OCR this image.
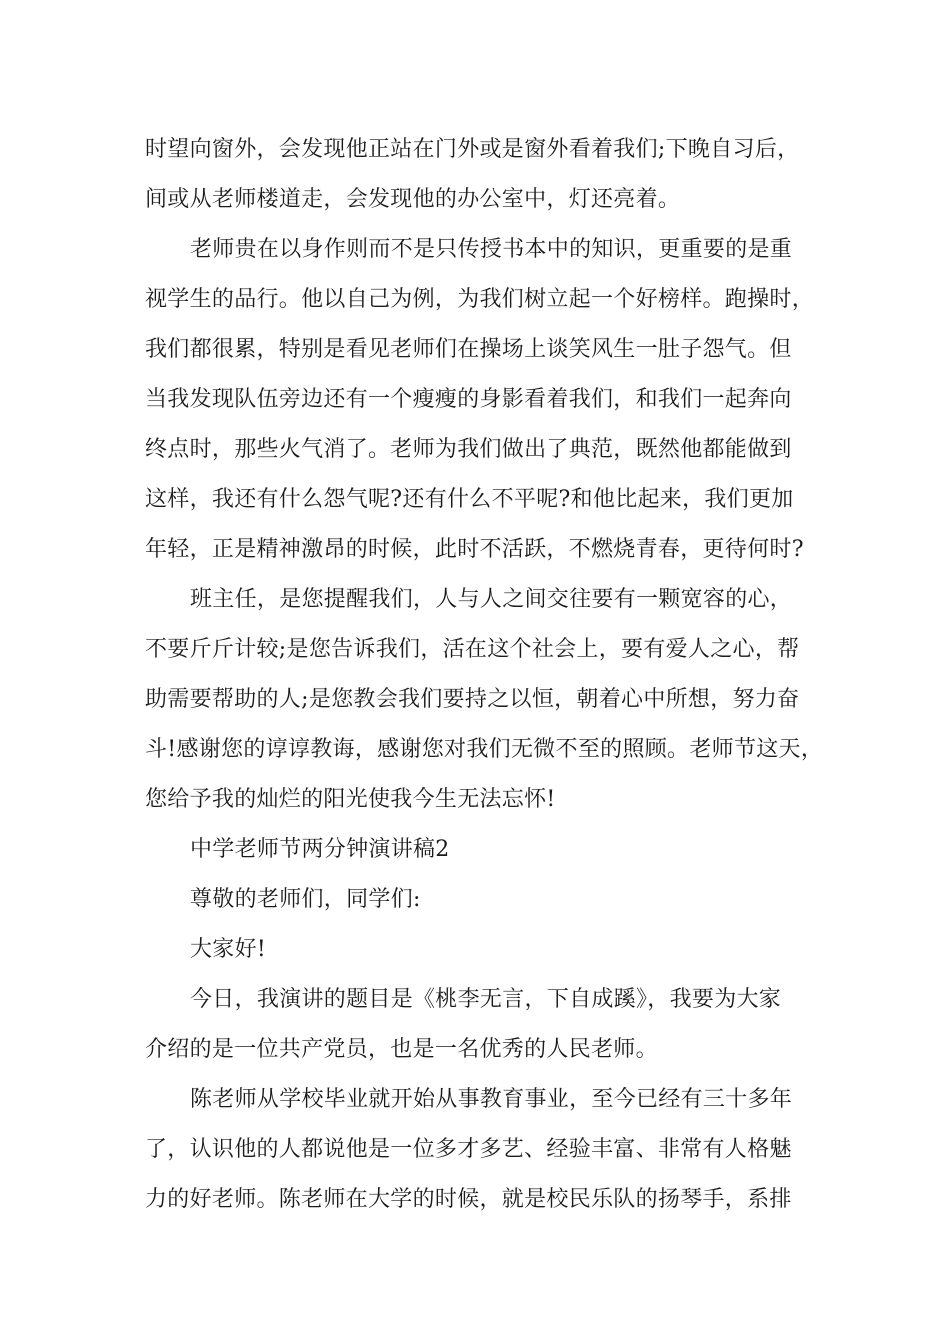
时望向窗外，会发现他正站在门外或是窗外看着我们;下晚自习后，
间或从老师楼道走，会发现他的办公室中，灯还亮着。
老师贵在以身作则而不是只传授书本中的知识，更重要的是重
视学生的品行。他以自己为例，为我们树立起一个好榜样。跑操时，
我们都很累，特别是看见老师们在操场上谈笑风生一肚子怨气。但
当我发现队伍旁边还有一个瘦瘦的身影看着我们，和我们一起奔向
终点时，那些火气消了。老师为我们做出了典范，既然他都能做到
这样，我还有什么怨气呢?还有什么不平呢?和他比起来，我们更加
年轻，正是精神激昂的时候，此时不活跃，不燃烧青春，更待何时?
班主任，是您提醒我们，人与人之间交往要有一颗宽容的心，
不要斤斤计较;是您告诉我们，活在这个社会上，要有爱人之心，帮
助需要帮助的人;是您教会我们要持之以恒，朝着心中所想，努力奋
斗!感谢您的谆谆教诲，感谢您对我们无微不至的照顾。老师节这天，
您给予我的灿烂的阳光使我今生无法忘怀!
中学老师节两分钟演讲稿2
尊敬的老师们，同学们:
大家好!
今日，我演讲的题目是《桃李无言，下自成蹊》，我要为大家
介绍的是一位共产党员，也是一名优秀的人民老师。
陈老师从学校毕业就开始从事教育事业，至今已经有三十多年
了，认识他的人都说他是一位多才多艺、经验丰富、非常有人格魅
力的好老师。陈老师在大学的时候，就是校民乐队的扬琴手，系排
